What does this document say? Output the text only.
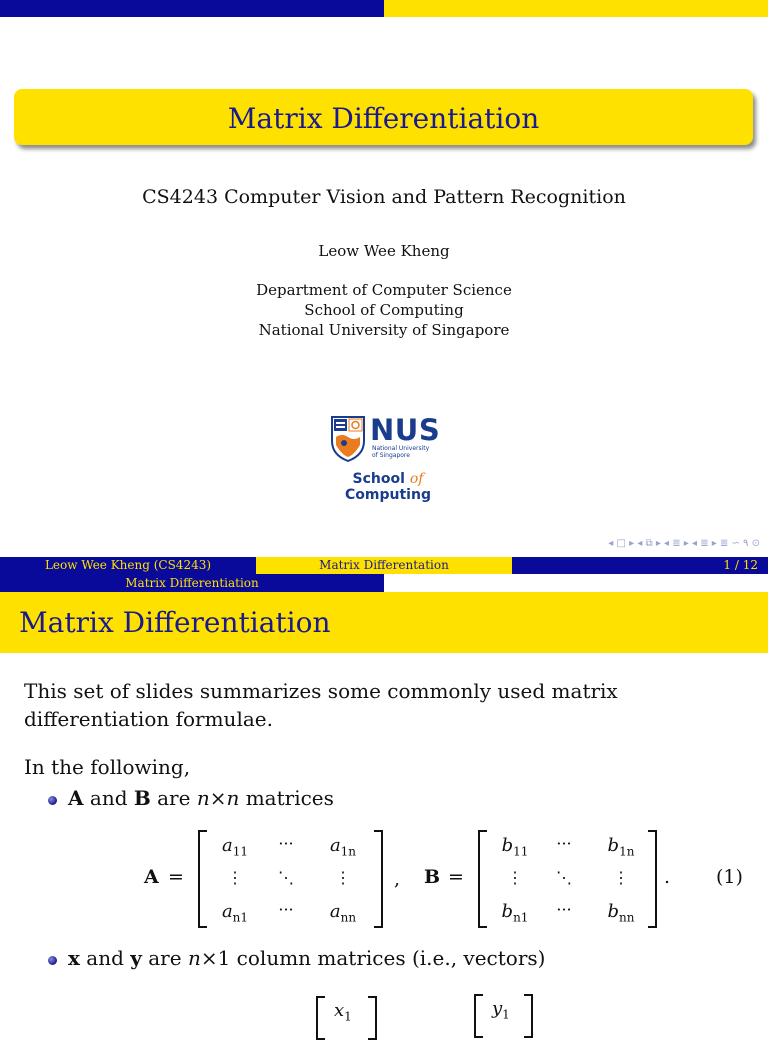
Matrix Differentiation
CS4243 Computer Vision and Pattern Recognition
Leow Wee Kheng
Department of Computer Science
School of Computing
National University of Singapore
NUS
National University
of Singapore
School of Computing
◂ □ ▸ ◂ ⧉ ▸ ◂ ≣ ▸ ◂ ≣ ▸ ≣ ∽ ۹ ⊙
Leow Wee Kheng (CS4243)	Matrix Differentation	1 / 12
Matrix Differentiation
Matrix Differentiation
This set of slides summarizes some commonly used matrix differentiation formulae.
In the following,
A and B are n×n matrices
A =
$a_{11}$	···	$a_{1n}$
⋮	⋱	⋮
$a_{n1}$	···	$a_{nn}$
, B =
$b_{11}$	···	$b_{1n}$
⋮	⋱	⋮
$b_{n1}$	···	$b_{nn}$
. (1)
x and y are n×1 column matrices (i.e., vectors)
$x_1$	$y_1$
